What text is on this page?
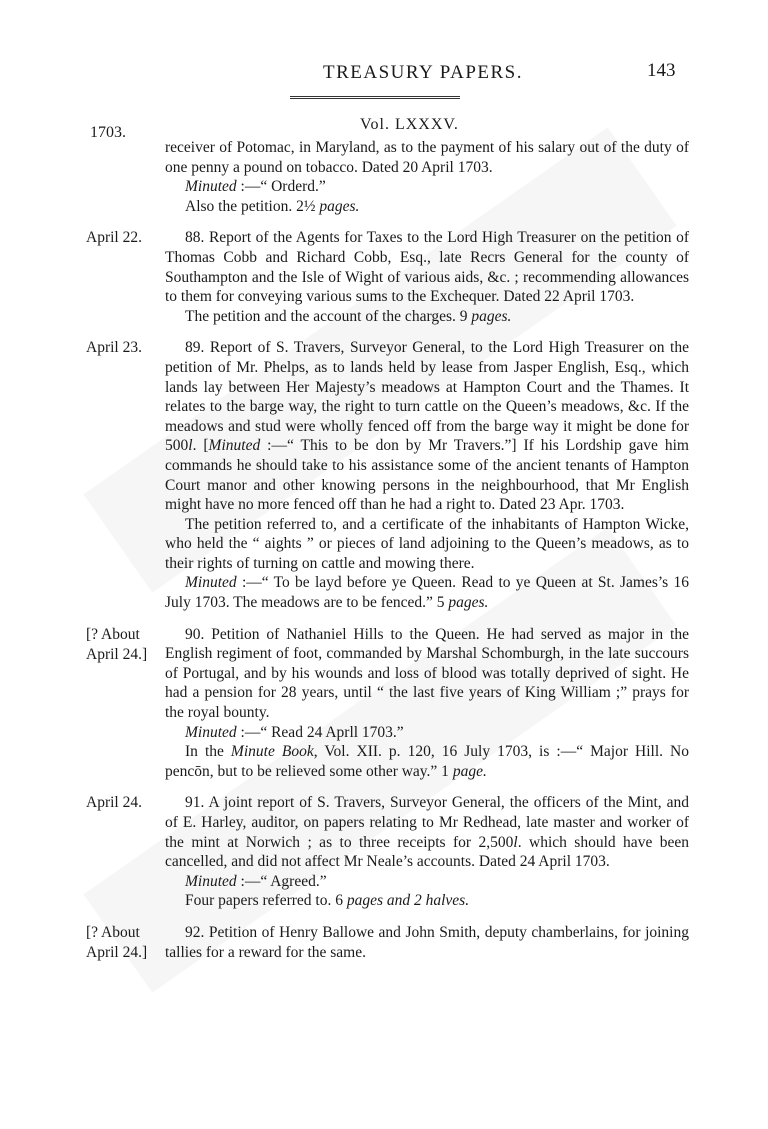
TREASURY PAPERS.	143
1703.	Vol. LXXXV.

receiver of Potomac, in Maryland, as to the payment of his salary out of the duty of one penny a pound on tobacco. Dated 20 April 1703.

Minuted :—“ Orderd.”

Also the petition. 2½ pages.

April 22.	88. Report of the Agents for Taxes to the Lord High Treasurer on the petition of Thomas Cobb and Richard Cobb, Esq., late Recrs General for the county of Southampton and the Isle of Wight of various aids, &c. ; recommending allowances to them for conveying various sums to the Exchequer. Dated 22 April 1703.

The petition and the account of the charges. 9 pages.

April 23.	89. Report of S. Travers, Surveyor General, to the Lord High Treasurer on the petition of Mr. Phelps, as to lands held by lease from Jasper English, Esq., which lands lay between Her Majesty’s meadows at Hampton Court and the Thames. It relates to the barge way, the right to turn cattle on the Queen’s meadows, &c. If the meadows and stud were wholly fenced off from the barge way it might be done for 500l. [Minuted :—“ This to be don by Mr Travers.”] If his Lordship gave him commands he should take to his assistance some of the ancient tenants of Hampton Court manor and other knowing persons in the neighbourhood, that Mr English might have no more fenced off than he had a right to. Dated 23 Apr. 1703.

The petition referred to, and a certificate of the inhabitants of Hampton Wicke, who held the “ aights ” or pieces of land adjoining to the Queen’s meadows, as to their rights of turning on cattle and mowing there.

Minuted :—“ To be layd before ye Queen. Read to ye Queen at St. James’s 16 July 1703. The meadows are to be fenced.” 5 pages.

[? About
April 24.]

90. Petition of Nathaniel Hills to the Queen. He had served as major in the English regiment of foot, commanded by Marshal Schomburgh, in the late succours of Portugal, and by his wounds and loss of blood was totally deprived of sight. He had a pension for 28 years, until “ the last five years of King William ;” prays for the royal bounty.

Minuted :—“ Read 24 Aprll 1703.”

In the Minute Book, Vol. XII. p. 120, 16 July 1703, is :—“ Major Hill. No pencōn, but to be relieved some other way.” 1 page.

April 24.	91. A joint report of S. Travers, Surveyor General, the officers of the Mint, and of E. Harley, auditor, on papers relating to Mr Redhead, late master and worker of the mint at Norwich ; as to three receipts for 2,500l. which should have been cancelled, and did not affect Mr Neale’s accounts. Dated 24 April 1703.

Minuted :—“ Agreed.”

Four papers referred to. 6 pages and 2 halves.

[? About
April 24.]

92. Petition of Henry Ballowe and John Smith, deputy chamberlains, for joining tallies for a reward for the same.
